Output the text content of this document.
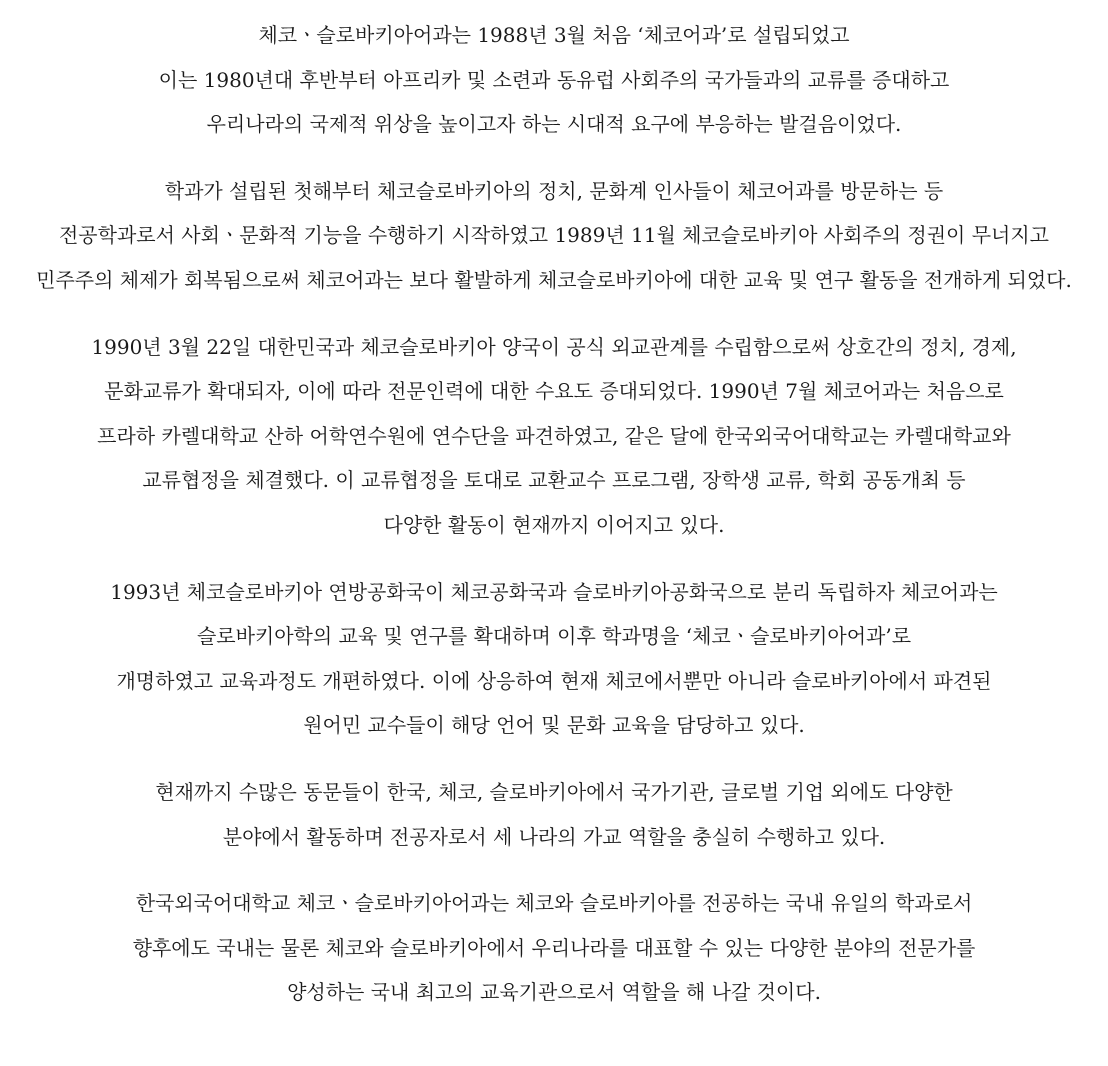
체코ㆍ슬로바키아어과는 1988년 3월 처음 ‘체코어과’로 설립되었고
이는 1980년대 후반부터 아프리카 및 소련과 동유럽 사회주의 국가들과의 교류를 증대하고
우리나라의 국제적 위상을 높이고자 하는 시대적 요구에 부응하는 발걸음이었다.

학과가 설립된 첫해부터 체코슬로바키아의 정치, 문화계 인사들이 체코어과를 방문하는 등
전공학과로서 사회ㆍ문화적 기능을 수행하기 시작하였고 1989년 11월 체코슬로바키아 사회주의 정권이 무너지고
민주주의 체제가 회복됨으로써 체코어과는 보다 활발하게 체코슬로바키아에 대한 교육 및 연구 활동을 전개하게 되었다.

1990년 3월 22일 대한민국과 체코슬로바키아 양국이 공식 외교관계를 수립함으로써 상호간의 정치, 경제,
문화교류가 확대되자, 이에 따라 전문인력에 대한 수요도 증대되었다. 1990년 7월 체코어과는 처음으로
프라하 카렐대학교 산하 어학연수원에 연수단을 파견하였고, 같은 달에 한국외국어대학교는 카렐대학교와
교류협정을 체결했다. 이 교류협정을 토대로 교환교수 프로그램, 장학생 교류, 학회 공동개최 등
다양한 활동이 현재까지 이어지고 있다.

1993년 체코슬로바키아 연방공화국이 체코공화국과 슬로바키아공화국으로 분리 독립하자 체코어과는
슬로바키아학의 교육 및 연구를 확대하며 이후 학과명을 ‘체코ㆍ슬로바키아어과’로
개명하였고 교육과정도 개편하였다. 이에 상응하여 현재 체코에서뿐만 아니라 슬로바키아에서 파견된
원어민 교수들이 해당 언어 및 문화 교육을 담당하고 있다.

현재까지 수많은 동문들이 한국, 체코, 슬로바키아에서 국가기관, 글로벌 기업 외에도 다양한
분야에서 활동하며 전공자로서 세 나라의 가교 역할을 충실히 수행하고 있다.

한국외국어대학교 체코ㆍ슬로바키아어과는 체코와 슬로바키아를 전공하는 국내 유일의 학과로서
향후에도 국내는 물론 체코와 슬로바키아에서 우리나라를 대표할 수 있는 다양한 분야의 전문가를
양성하는 국내 최고의 교육기관으로서 역할을 해 나갈 것이다.
